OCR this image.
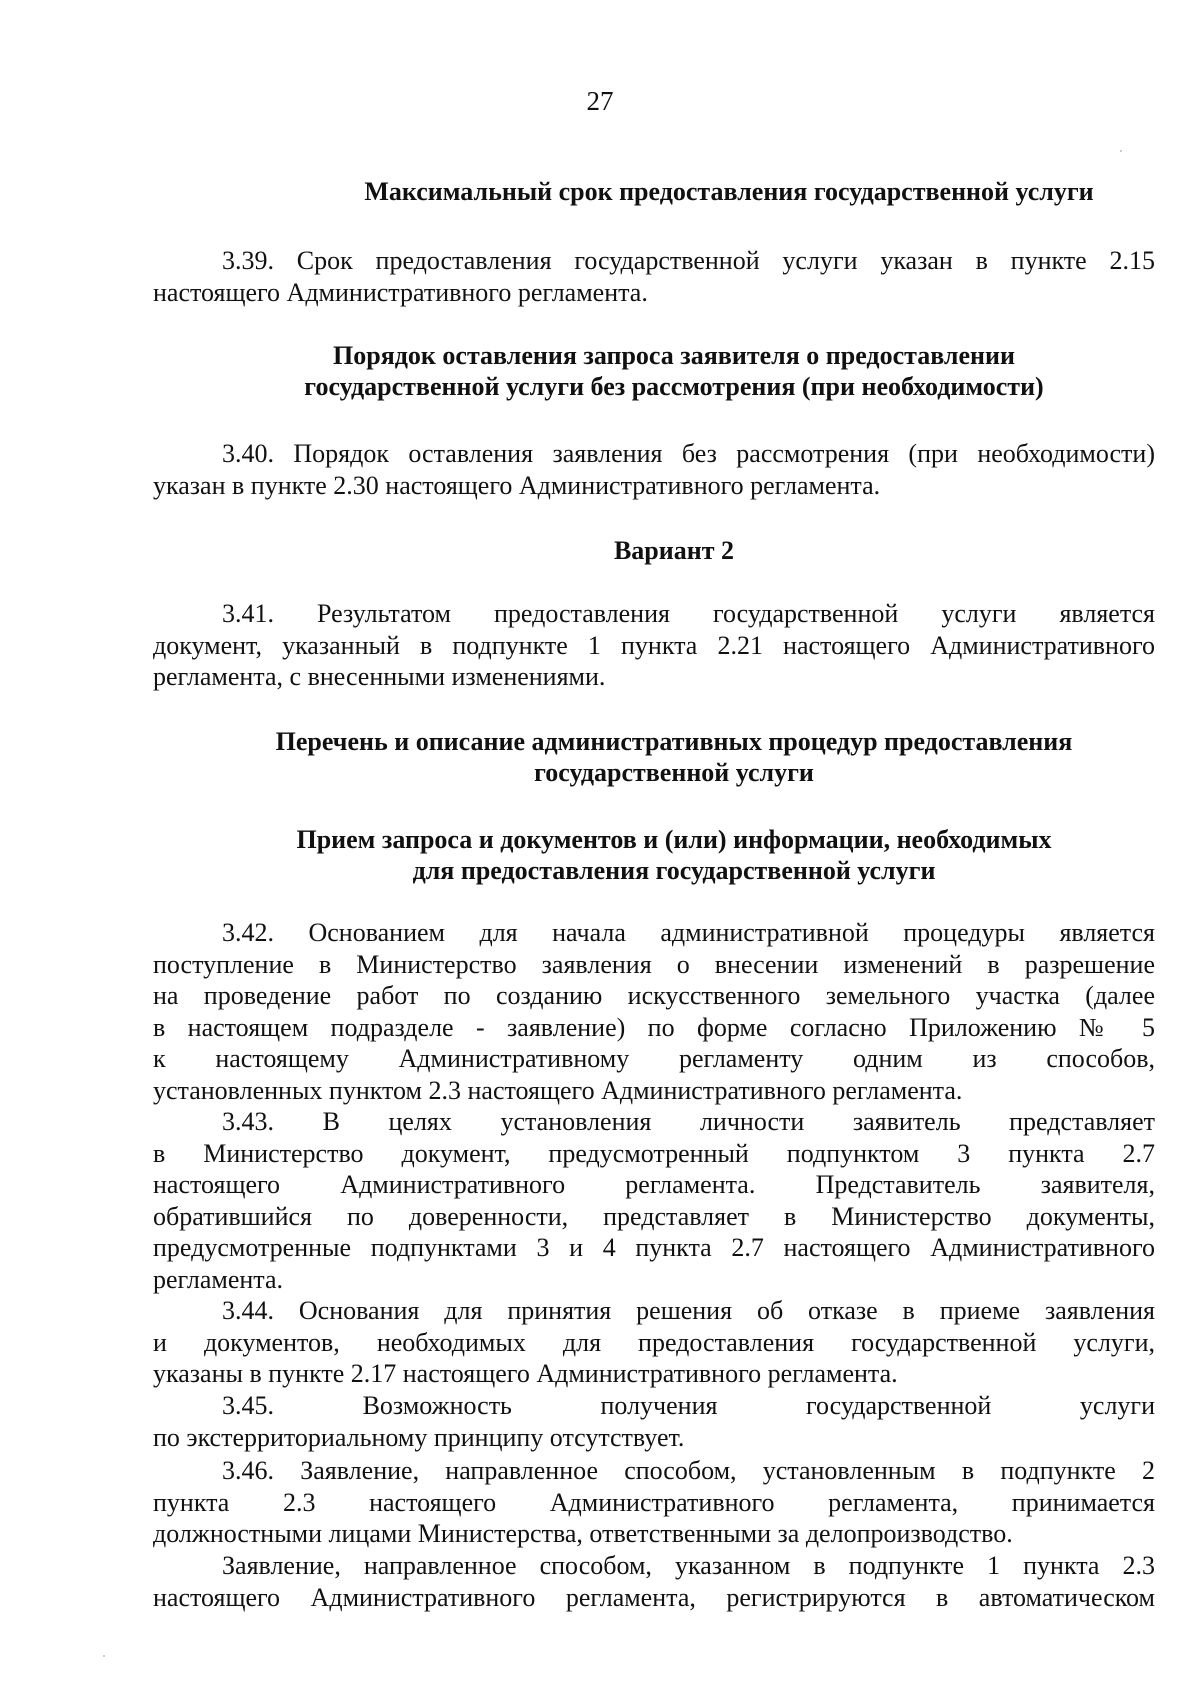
27
Максимальный срок предоставления государственной услуги
3.39. Срок предоставления государственной услуги указан в пункте 2.15
настоящего Административного регламента.
Порядок оставления запроса заявителя о предоставлении
государственной услуги без рассмотрения (при необходимости)
3.40. Порядок оставления заявления без рассмотрения (при необходимости)
указан в пункте 2.30 настоящего Административного регламента.
Вариант 2
3.41. Результатом предоставления государственной услуги является
документ, указанный в подпункте 1 пункта 2.21 настоящего Административного
регламента, с внесенными изменениями.
Перечень и описание административных процедур предоставления
государственной услуги
Прием запроса и документов и (или) информации, необходимых
для предоставления государственной услуги
3.42. Основанием для начала административной процедуры является
поступление в Министерство заявления о внесении изменений в разрешение
на проведение работ по созданию искусственного земельного участка (далее
в настоящем подразделе - заявление) по форме согласно Приложению № 5
к настоящему Административному регламенту одним из способов,
установленных пунктом 2.3 настоящего Административного регламента.
3.43. В целях установления личности заявитель представляет
в Министерство документ, предусмотренный подпунктом 3 пункта 2.7
настоящего Административного регламента. Представитель заявителя,
обратившийся по доверенности, представляет в Министерство документы,
предусмотренные подпунктами 3 и 4 пункта 2.7 настоящего Административного
регламента.
3.44. Основания для принятия решения об отказе в приеме заявления
и документов, необходимых для предоставления государственной услуги,
указаны в пункте 2.17 настоящего Административного регламента.
3.45. Возможность получения государственной услуги
по экстерриториальному принципу отсутствует.
3.46. Заявление, направленное способом, установленным в подпункте 2
пункта 2.3 настоящего Административного регламента, принимается
должностными лицами Министерства, ответственными за делопроизводство.
Заявление, направленное способом, указанном в подпункте 1 пункта 2.3
настоящего Административного регламента, регистрируются в автоматическом
